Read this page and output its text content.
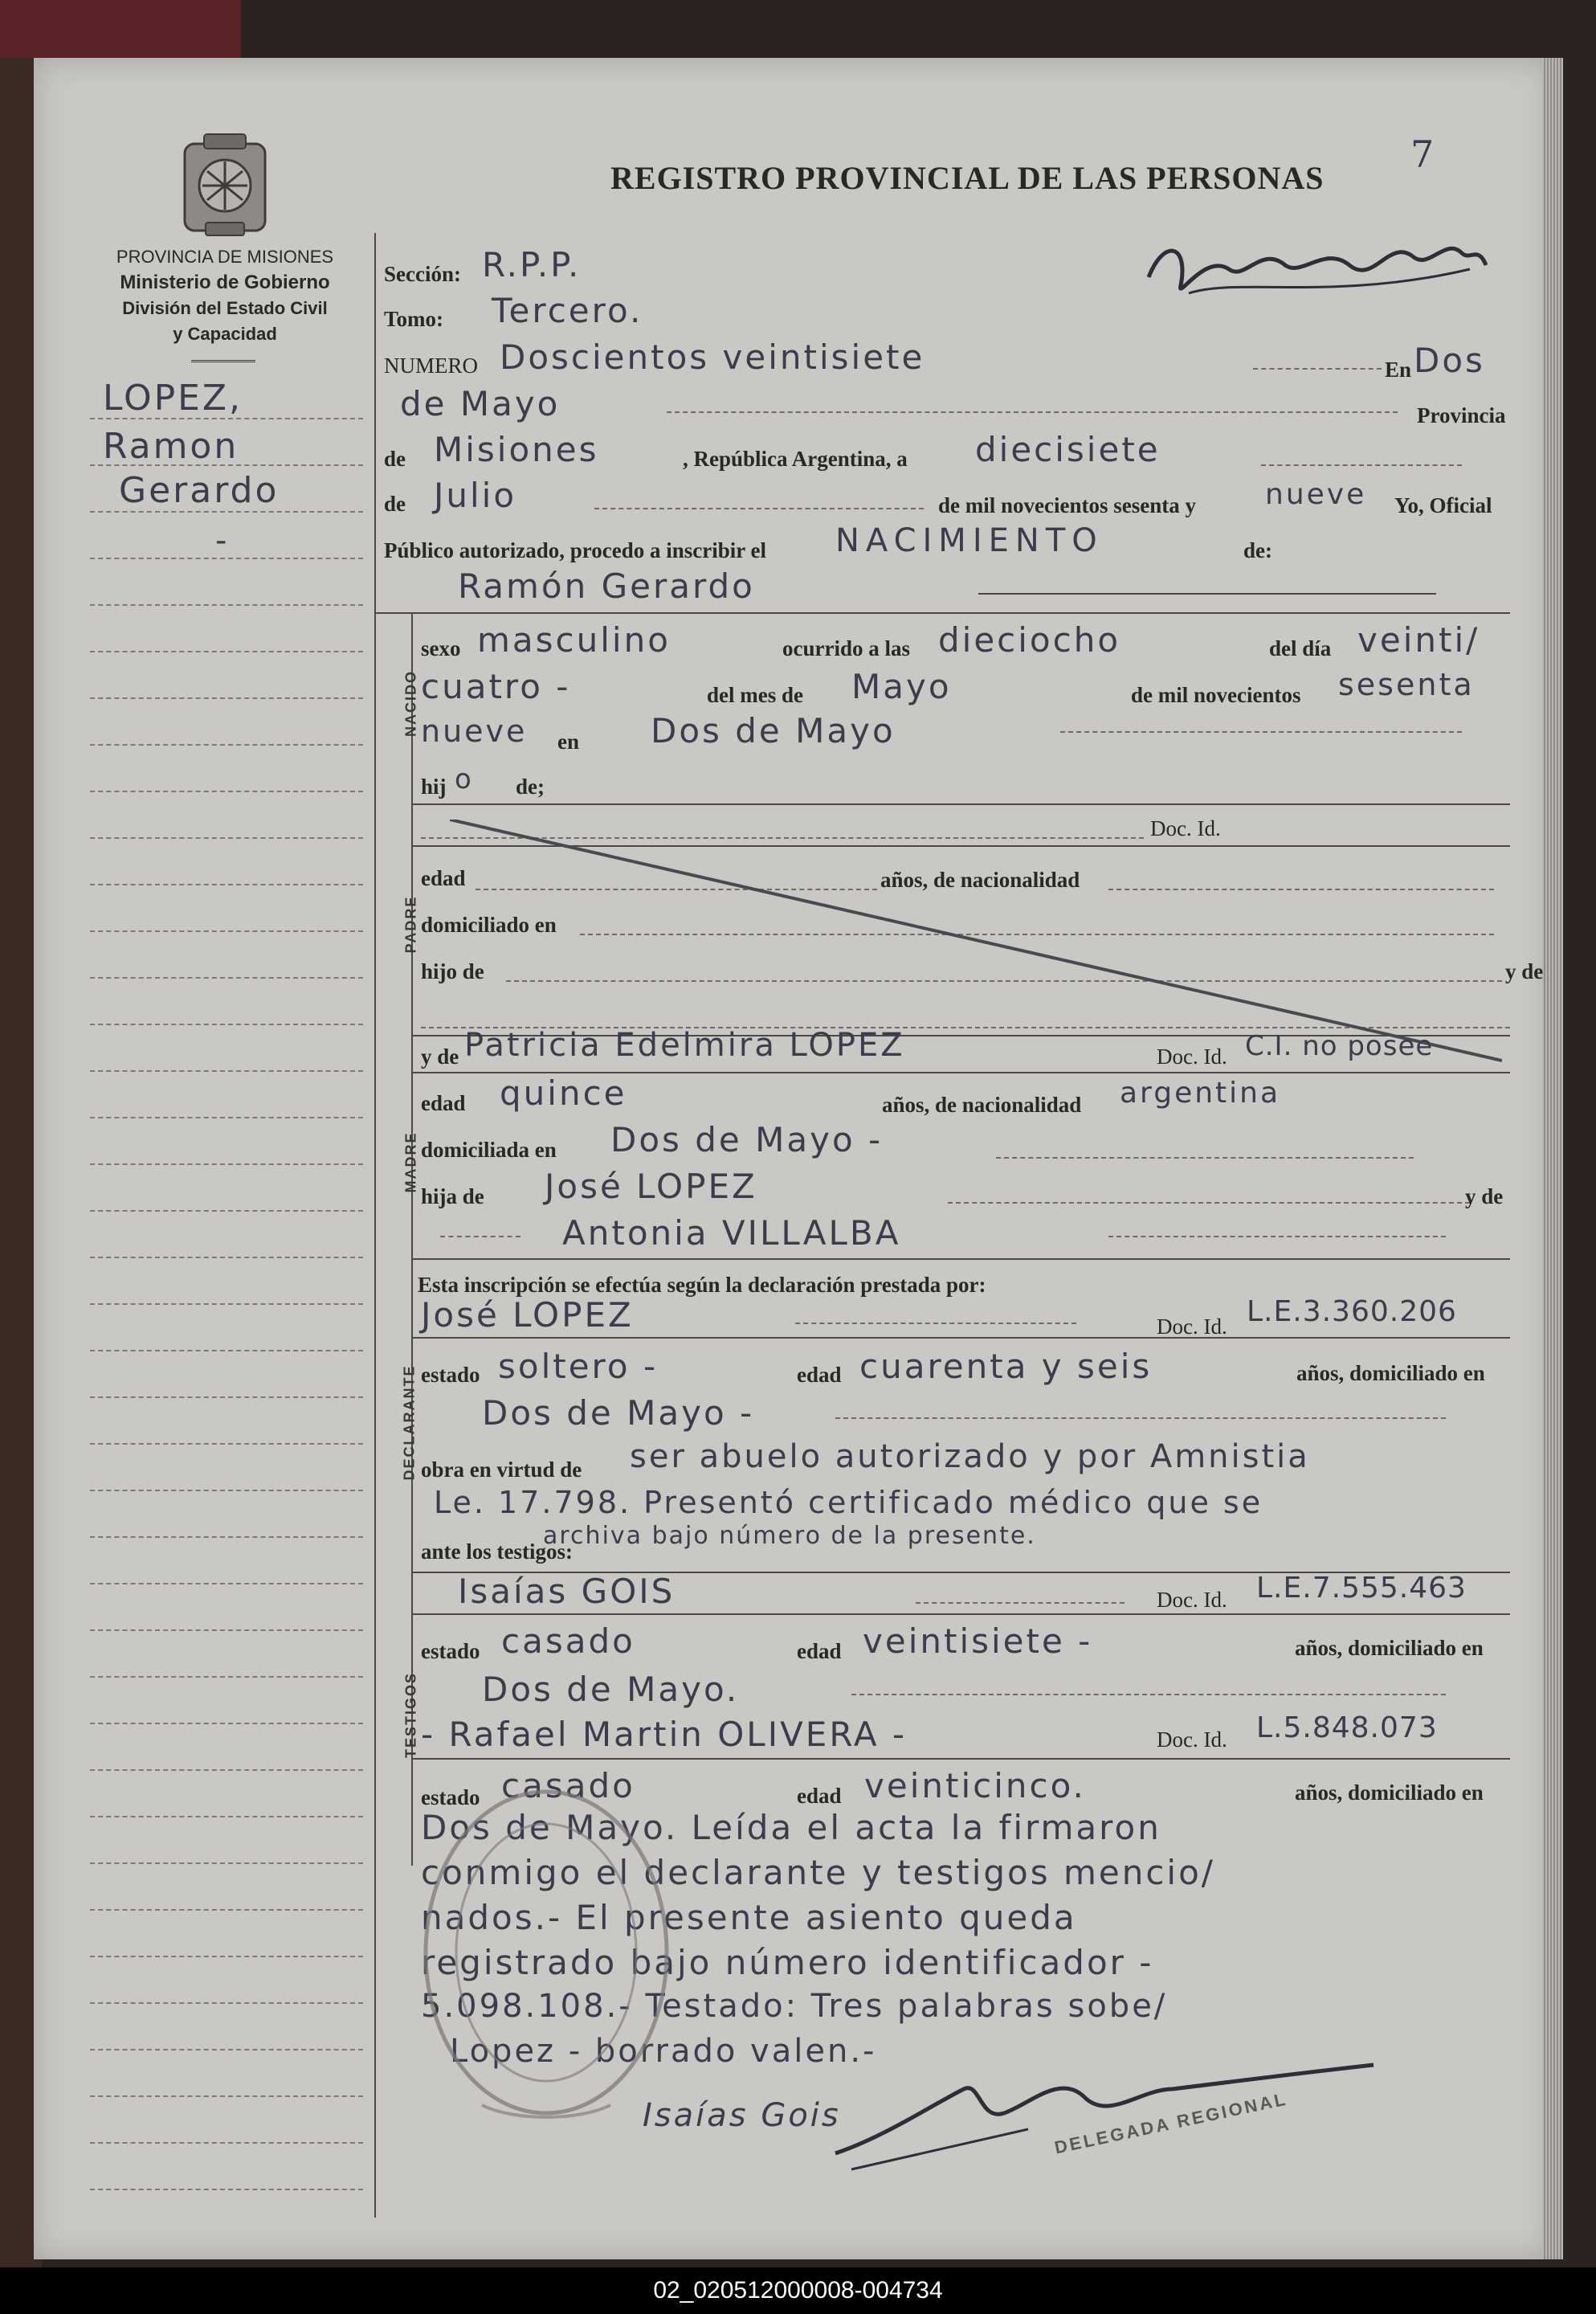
PROVINCIA DE MISIONES
Ministerio de Gobierno
División del Estado Civil
y Capacidad
REGISTRO PROVINCIAL DE LAS PERSONAS
7
LOPEZ,
Ramon
Gerardo
-
Sección: R.P.P.
Tomo: Tercero.
NUMERO Doscientos veintisiete	En Dos
de Mayo	Provincia
de Misiones	, República Argentina, a diecisiete
de Julio	de mil novecientos sesenta y nueve Yo, Oficial
Público autorizado, procedo a inscribir el NACIMIENTO	de:
Ramón Gerardo
NACIDO
sexo masculino	ocurrido a las dieciocho	del día veinti/
cuatro -	del mes de Mayo	de mil novecientos sesenta
nueve en Dos de Mayo
hij o de;
PADRE
Doc. Id.
edad	años, de nacionalidad
domiciliado en
hijo de	y de
MADRE
y de Patricia Edelmira LOPEZ	Doc. Id. C.I. no posee
edad quince	años, de nacionalidad argentina
domiciliada en Dos de Mayo -
hija de José LOPEZ	y de
Antonia VILLALBA
DECLARANTE
Esta inscripción se efectúa según la declaración prestada por:
José LOPEZ	Doc. Id. L.E.3.360.206
estado soltero -	edad cuarenta y seis	años, domiciliado en
Dos de Mayo -
obra en virtud de ser abuelo autorizado y por Amnistia
Le. 17.798. Presentó certificado médico que se
archiva bajo número de la presente.
ante los testigos:
TESTIGOS
Isaías GOIS	Doc. Id. L.E.7.555.463
estado casado	edad veintisiete -	años, domiciliado en
Dos de Mayo.
- Rafael Martin OLIVERA -	Doc. Id. L.5.848.073
estado casado	edad veinticinco.	años, domiciliado en
Dos de Mayo. Leída el acta la firmaron
conmigo el declarante y testigos mencio/
nados.- El presente asiento queda
registrado bajo número identificador -
5.098.108.- Testado: Tres palabras sobe/
Lopez - borrado valen.-
Isaías Gois	DELEGADA REGIONAL
02_020512000008-004734
